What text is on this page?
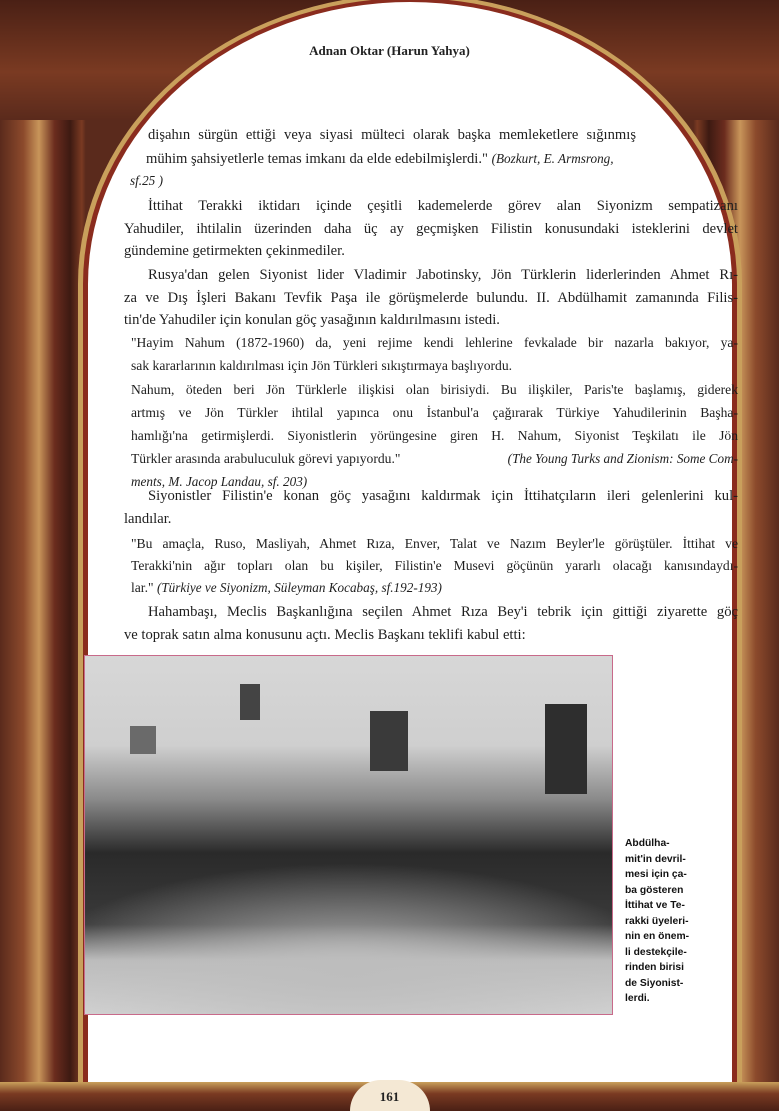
Adnan Oktar (Harun Yahya)
dişahın sürgün ettiği veya siyasi mülteci olarak başka memleketlere sığınmış
mühim şahsiyetlerle temas imkanı da elde edebilmişlerdi." (Bozkurt, E. Armsrong,
sf.25 )
İttihat Terakki iktidarı içinde çeşitli kademelerde görev alan Siyonizm sempatizanı
Yahudiler, ihtilalin üzerinden daha üç ay geçmişken Filistin konusundaki isteklerini devlet
gündemine getirmekten çekinmediler.
Rusya'dan gelen Siyonist lider Vladimir Jabotinsky, Jön Türklerin liderlerinden Ahmet Rı-
za ve Dış İşleri Bakanı Tevfik Paşa ile görüşmelerde bulundu. II. Abdülhamit zamanında Filis-
tin'de Yahudiler için konulan göç yasağının kaldırılmasını istedi.
"Hayim Nahum (1872-1960) da, yeni rejime kendi lehlerine fevkalade bir nazarla bakıyor, ya-
sak kararlarının kaldırılması için Jön Türkleri sıkıştırmaya başlıyordu.
Nahum, öteden beri Jön Türklerle ilişkisi olan birisiydi. Bu ilişkiler, Paris'te başlamış, giderek
artmış ve Jön Türkler ihtilal yapınca onu İstanbul'a çağırarak Türkiye Yahudilerinin Başha-
hamlığı'na getirmişlerdi. Siyonistlerin yörüngesine giren H. Nahum, Siyonist Teşkilatı ile Jön
Türkler arasında arabuluculuk görevi yapıyordu."	(The Young Turks and Zionism: Some Com-
ments, M. Jacop Landau, sf. 203)
Siyonistler Filistin'e konan göç yasağını kaldırmak için İttihatçıların ileri gelenlerini kul-
landılar.
"Bu amaçla, Ruso, Masliyah, Ahmet Rıza, Enver, Talat ve Nazım Beyler'le görüştüler. İttihat ve
Terakki'nin ağır topları olan bu kişiler, Filistin'e Musevi göçünün yararlı olacağı kanısındaydı-
lar." (Türkiye ve Siyonizm, Süleyman Kocabaş, sf.192-193)
Hahambaşı, Meclis Başkanlığına seçilen Ahmet Rıza Bey'i tebrik için gittiği ziyarette göç
ve toprak satın alma konusunu açtı. Meclis Başkanı teklifi kabul etti:
Abdülha-
mit'in devril-
mesi için ça-
ba gösteren
İttihat ve Te-
rakki üyeleri-
nin en önem-
li destekçile-
rinden birisi
de Siyonist-
lerdi.
161
